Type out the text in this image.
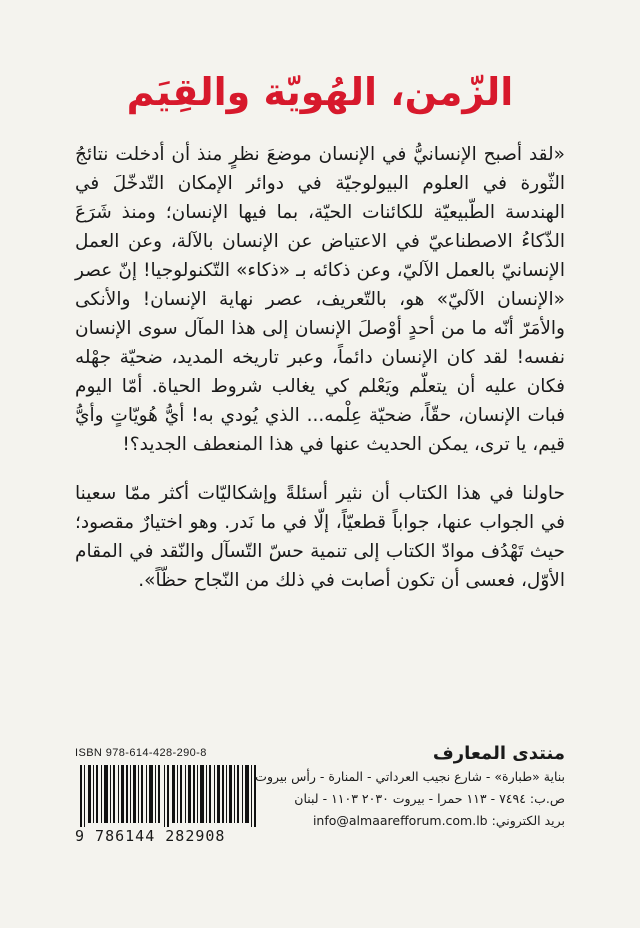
الزّمن، الهُويّة والقِيَم

«لقد أصبح الإنسانيُّ في الإنسان موضعَ نظرٍ منذ أن أدخلت نتائجُ الثّورة في العلوم البيولوجيّة في دوائر الإمكان التّدخّلَ في الهندسة الطّبيعيّة للكائنات الحيّة، بما فيها الإنسان؛ ومنذ شَرَعَ الذّكاءُ الاصطناعيّ في الاعتياض عن الإنسان بالآلة، وعن العمل الإنسانيّ بالعمل الآليّ، وعن ذكائه بـ «ذكاء» التّكنولوجيا! إنّ عصر «الإنسان الآليّ» هو، بالتّعريف، عصر نهاية الإنسان! والأنكى والأمَرّ أنّه ما من أحدٍ أوْصلَ الإنسان إلى هذا المآل سوى الإنسان نفسه! لقد كان الإنسان دائماً، وعبر تاريخه المديد، ضحيّة جهْله فكان عليه أن يتعلّم ويَعْلم كي يغالب شروط الحياة. أمّا اليوم فبات الإنسان، حقّاً، ضحيّة عِلْمه... الذي يُودي به! أيُّ هُويّاتٍ وأيُّ قيم، يا ترى، يمكن الحديث عنها في هذا المنعطف الجديد؟!

حاولنا في هذا الكتاب أن نثير أسئلةً وإشكاليّات أكثر ممّا سعينا في الجواب عنها، جواباً قطعيّاً، إلّا في ما نَدر. وهو اختيارٌ مقصود؛ حيث تَهْدُف موادّ الكتاب إلى تنمية حسّ التّسآل والنّقد في المقام الأوّل، فعسى أن تكون أصابت في ذلك من النّجاح حظّاً».

ISBN 978-614-428-290-8
9 786144 282908
منتدى المعارف
بناية «طبارة» - شارع نجيب العرداتي - المنارة - رأس بيروت
ص.ب: ٧٤٩٤ - ١١٣ حمرا - بيروت ٢٠٣٠ ١١٠٣ - لبنان
بريد الكتروني: info@almaarefforum.com.lb
